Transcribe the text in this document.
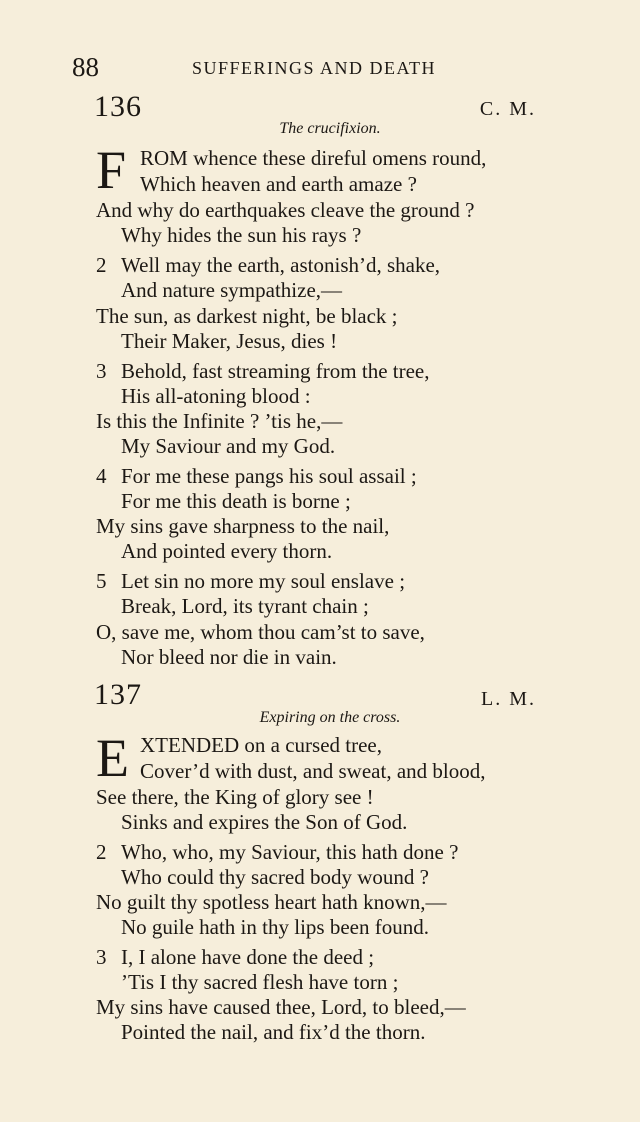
88	SUFFERINGS AND DEATH
136	C. M.
The crucifixion.
F ROM whence these direful omens round,
Which heaven and earth amaze ?
And why do earthquakes cleave the ground ?
Why hides the sun his rays ?
2 Well may the earth, astonish’d, shake,
And nature sympathize,—
The sun, as darkest night, be black ;
Their Maker, Jesus, dies !
3 Behold, fast streaming from the tree,
His all-atoning blood :
Is this the Infinite ? ’tis he,—
My Saviour and my God.
4 For me these pangs his soul assail ;
For me this death is borne ;
My sins gave sharpness to the nail,
And pointed every thorn.
5 Let sin no more my soul enslave ;
Break, Lord, its tyrant chain ;
O, save me, whom thou cam’st to save,
Nor bleed nor die in vain.
137	L. M.
Expiring on the cross.
E XTENDED on a cursed tree,
Cover’d with dust, and sweat, and blood,
See there, the King of glory see !
Sinks and expires the Son of God.
2 Who, who, my Saviour, this hath done ?
Who could thy sacred body wound ?
No guilt thy spotless heart hath known,—
No guile hath in thy lips been found.
3 I, I alone have done the deed ;
’Tis I thy sacred flesh have torn ;
My sins have caused thee, Lord, to bleed,—
Pointed the nail, and fix’d the thorn.
